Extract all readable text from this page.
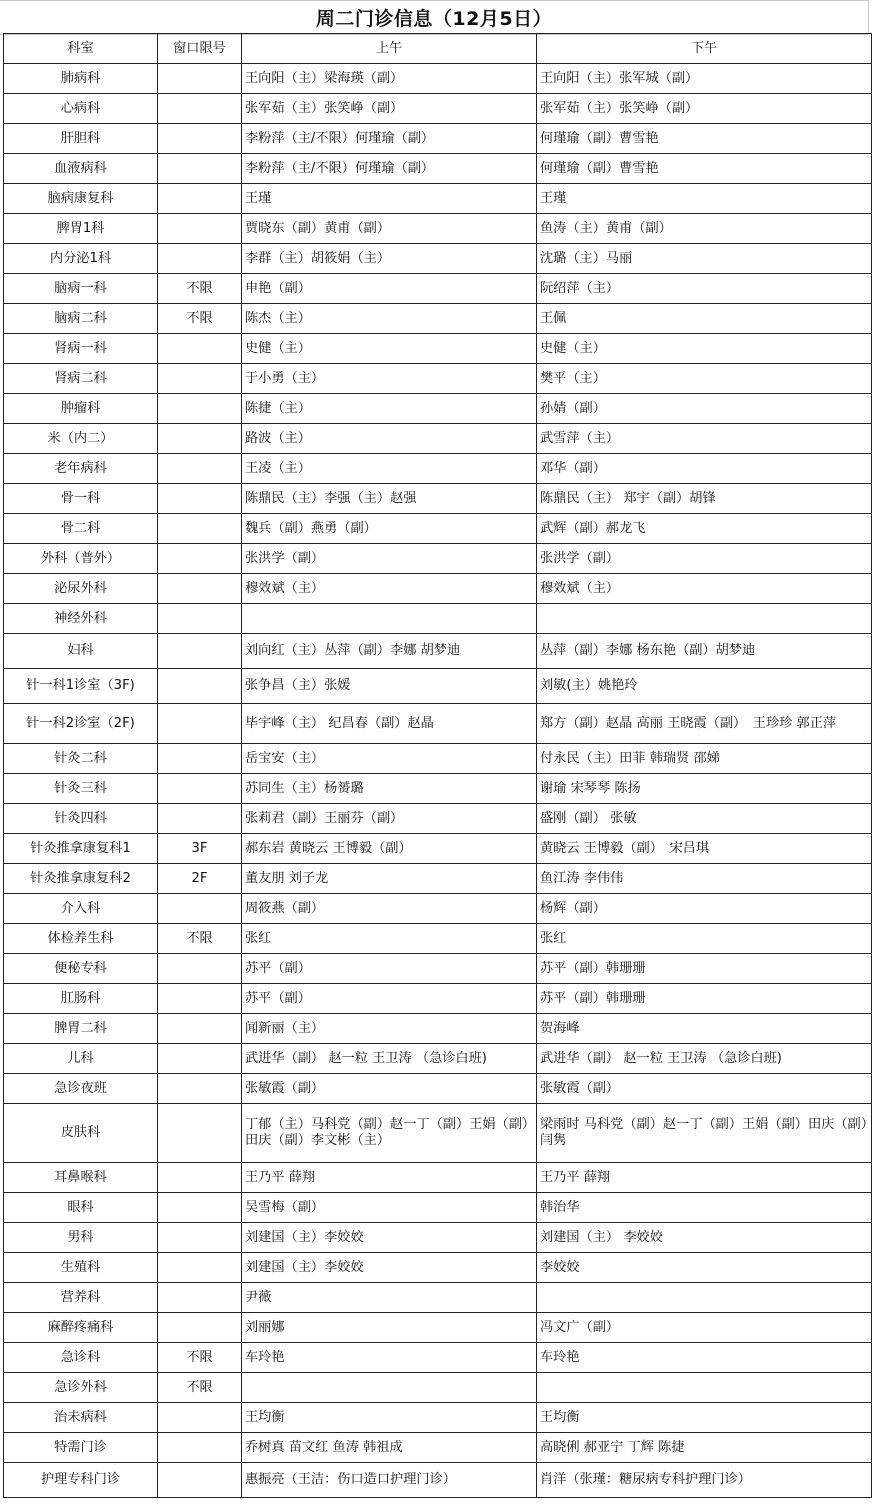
周二门诊信息（12月5日）
科室	窗口限号	上午	下午
肺病科		王向阳（主）梁海瑛（副）	王向阳（主）张军城（副）
心病科		张军茹（主）张笑峥（副）	张军茹（主）张笑峥（副）
肝胆科		李粉萍（主/不限）何瑾瑜（副）	何瑾瑜（副）曹雪艳
血液病科		李粉萍（主/不限）何瑾瑜（副）	何瑾瑜（副）曹雪艳
脑病康复科		王瑾	王瑾
脾胃1科		贾晓东（副）黄甫（副）	鱼涛（主）黄甫（副）
内分泌1科		李群（主）胡筱娟（主）	沈璐（主）马丽
脑病一科	不限	申艳（副）	阮绍萍（主）
脑病二科	不限	陈杰（主）	王佩
肾病一科		史健（主）	史健（主）
肾病二科		于小勇（主）	樊平（主）
肿瘤科		陈捷（主）	孙婧（副）
米（内二）		路波（主）	武雪萍（主）
老年病科		王凌（主）	邓华（副）
骨一科		陈鼎民（主）李强（主）赵强	陈鼎民（主） 郑宇（副）胡锋
骨二科		魏兵（副）燕勇（副）	武辉（副）郝龙飞
外科（普外）		张洪学（副）	张洪学（副）
泌尿外科		穆效斌（主）	穆效斌（主）
神经外科			
妇科		刘向红（主）丛萍（副）李娜 胡梦迪	丛萍（副）李娜 杨东艳（副）胡梦迪
针一科1诊室（3F)		张争昌（主）张媛	刘敏(主）姚艳玲
针一科2诊室（2F)		毕宇峰（主） 纪昌春（副）赵晶	郑方（副）赵晶 高丽 王晓霞（副）　王珍珍 郭正萍
针灸二科		岳宝安（主）	付永民（主）田菲 韩瑞贤 邵娣
针灸三科		苏同生（主）杨赟璐	谢瑜 宋琴琴 陈扬
针灸四科		张莉君（副）王丽芬（副）	盛刚（副） 张敏
针灸推拿康复科1	3F	郝东岩 黄晓云 王博毅（副）	黄晓云 王博毅（副）　宋吕琪
针灸推拿康复科2	2F	董友朋 刘子龙	鱼江涛 李伟伟
介入科		周筱燕（副）	杨辉（副）
体检养生科	不限	张红	张红
便秘专科		苏平（副）	苏平（副）韩珊珊
肛肠科		苏平（副）	苏平（副）韩珊珊
脾胃二科		闻新丽（主）	贺海峰
儿科		武进华（副） 赵一粒 王卫涛 （急诊白班)	武进华（副） 赵一粒 王卫涛 （急诊白班)
急诊夜班		张敏霞（副）	张敏霞（副）
皮肤科		丁郁（主）马科党（副）赵一丁（副）王娟（副）田庆（副）李文彬（主）	梁雨时 马科党（副）赵一丁（副）王娟（副）田庆（副）闫隽
耳鼻喉科		王乃平 薛翔	王乃平 薛翔
眼科		吴雪梅（副）	韩治华
男科		刘建国（主）李姣姣	刘建国（主） 李姣姣
生殖科		刘建国（主）李姣姣	李姣姣
营养科		尹薇	
麻醉疼痛科		刘丽娜	冯文广（副）
急诊科	不限	车玲艳	车玲艳
急诊外科	不限		
治未病科		王均衡	王均衡
特需门诊		乔树真 苗文红 鱼涛 韩祖成	高晓俐 郝亚宁 丁辉 陈捷
护理专科门诊		惠振亮（王洁：伤口造口护理门诊）	肖洋（张瑾：糖尿病专科护理门诊）
